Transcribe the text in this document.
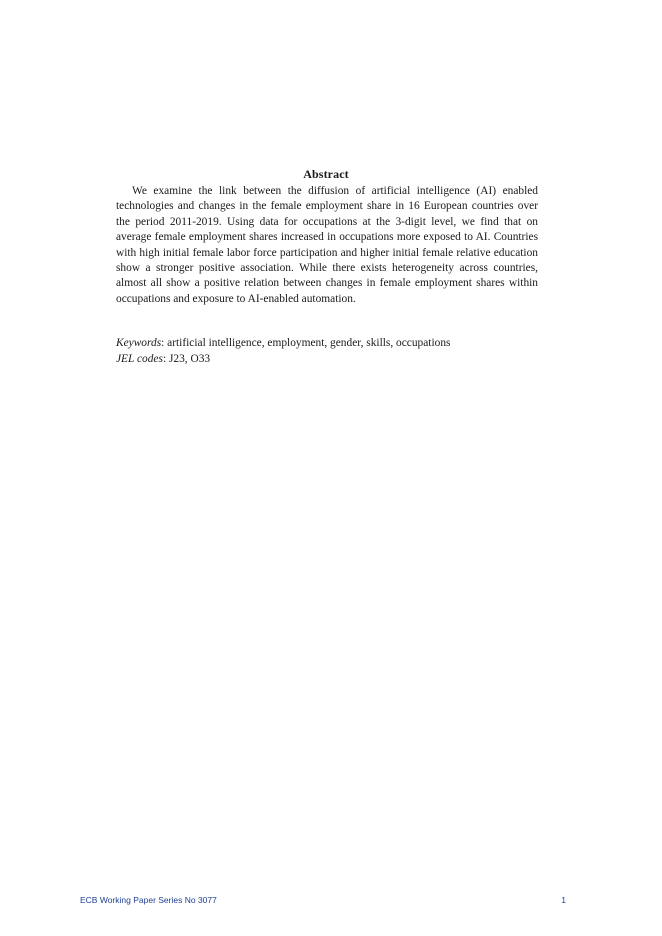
Abstract
We examine the link between the diffusion of artificial intelligence (AI) enabled technologies and changes in the female employment share in 16 European countries over the period 2011-2019. Using data for occupations at the 3-digit level, we find that on average female employment shares increased in occupations more exposed to AI. Countries with high initial female labor force participation and higher initial female relative education show a stronger positive association. While there exists heterogeneity across countries, almost all show a positive relation between changes in female employment shares within occupations and exposure to AI-enabled automation.
Keywords: artificial intelligence, employment, gender, skills, occupations
JEL codes: J23, O33
ECB Working Paper Series No 3077	1
